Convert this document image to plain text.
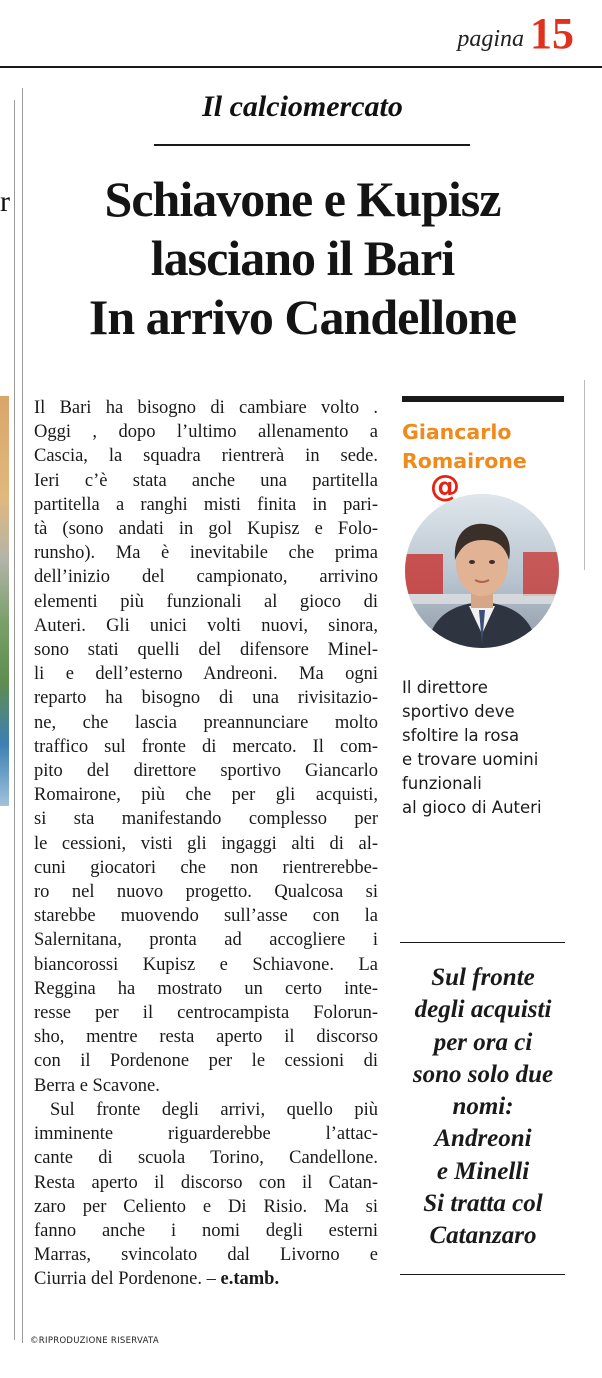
pagina 15
r
Il calciomercato
Schiavone e Kupisz
lasciano il Bari
In arrivo Candellone
Il Bari ha bisogno di cambiare volto .
Oggi , dopo l’ultimo allenamento a
Cascia, la squadra rientrerà in sede.
Ieri c’è stata anche una partitella
partitella a ranghi misti finita in pari-
tà (sono andati in gol Kupisz e Folo-
runsho). Ma è inevitabile che prima
dell’inizio del campionato, arrivino
elementi più funzionali al gioco di
Auteri. Gli unici volti nuovi, sinora,
sono stati quelli del difensore Minel-
li e dell’esterno Andreoni. Ma ogni
reparto ha bisogno di una rivisitazio-
ne, che lascia preannunciare molto
traffico sul fronte di mercato. Il com-
pito del direttore sportivo Giancarlo
Romairone, più che per gli acquisti,
si sta manifestando complesso per
le cessioni, visti gli ingaggi alti di al-
cuni giocatori che non rientrerebbe-
ro nel nuovo progetto. Qualcosa si
starebbe muovendo sull’asse con la
Salernitana, pronta ad accogliere i
biancorossi Kupisz e Schiavone. La
Reggina ha mostrato un certo inte-
resse per il centrocampista Folorun-
sho, mentre resta aperto il discorso
con il Pordenone per le cessioni di
Berra e Scavone.
Sul fronte degli arrivi, quello più
imminente riguarderebbe l’attac-
cante di scuola Torino, Candellone.
Resta aperto il discorso con il Catan-
zaro per Celiento e Di Risio. Ma si
fanno anche i nomi degli esterni
Marras, svincolato dal Livorno e
Ciurria del Pordenone. – e.tamb.
©RIPRODUZIONE RISERVATA
Giancarlo
Romairone
@
Il direttore
sportivo deve
sfoltire la rosa
e trovare uomini
funzionali
al gioco di Auteri
Sul fronte
degli acquisti
per ora ci
sono solo due
nomi:
Andreoni
e Minelli
Si tratta col
Catanzaro
